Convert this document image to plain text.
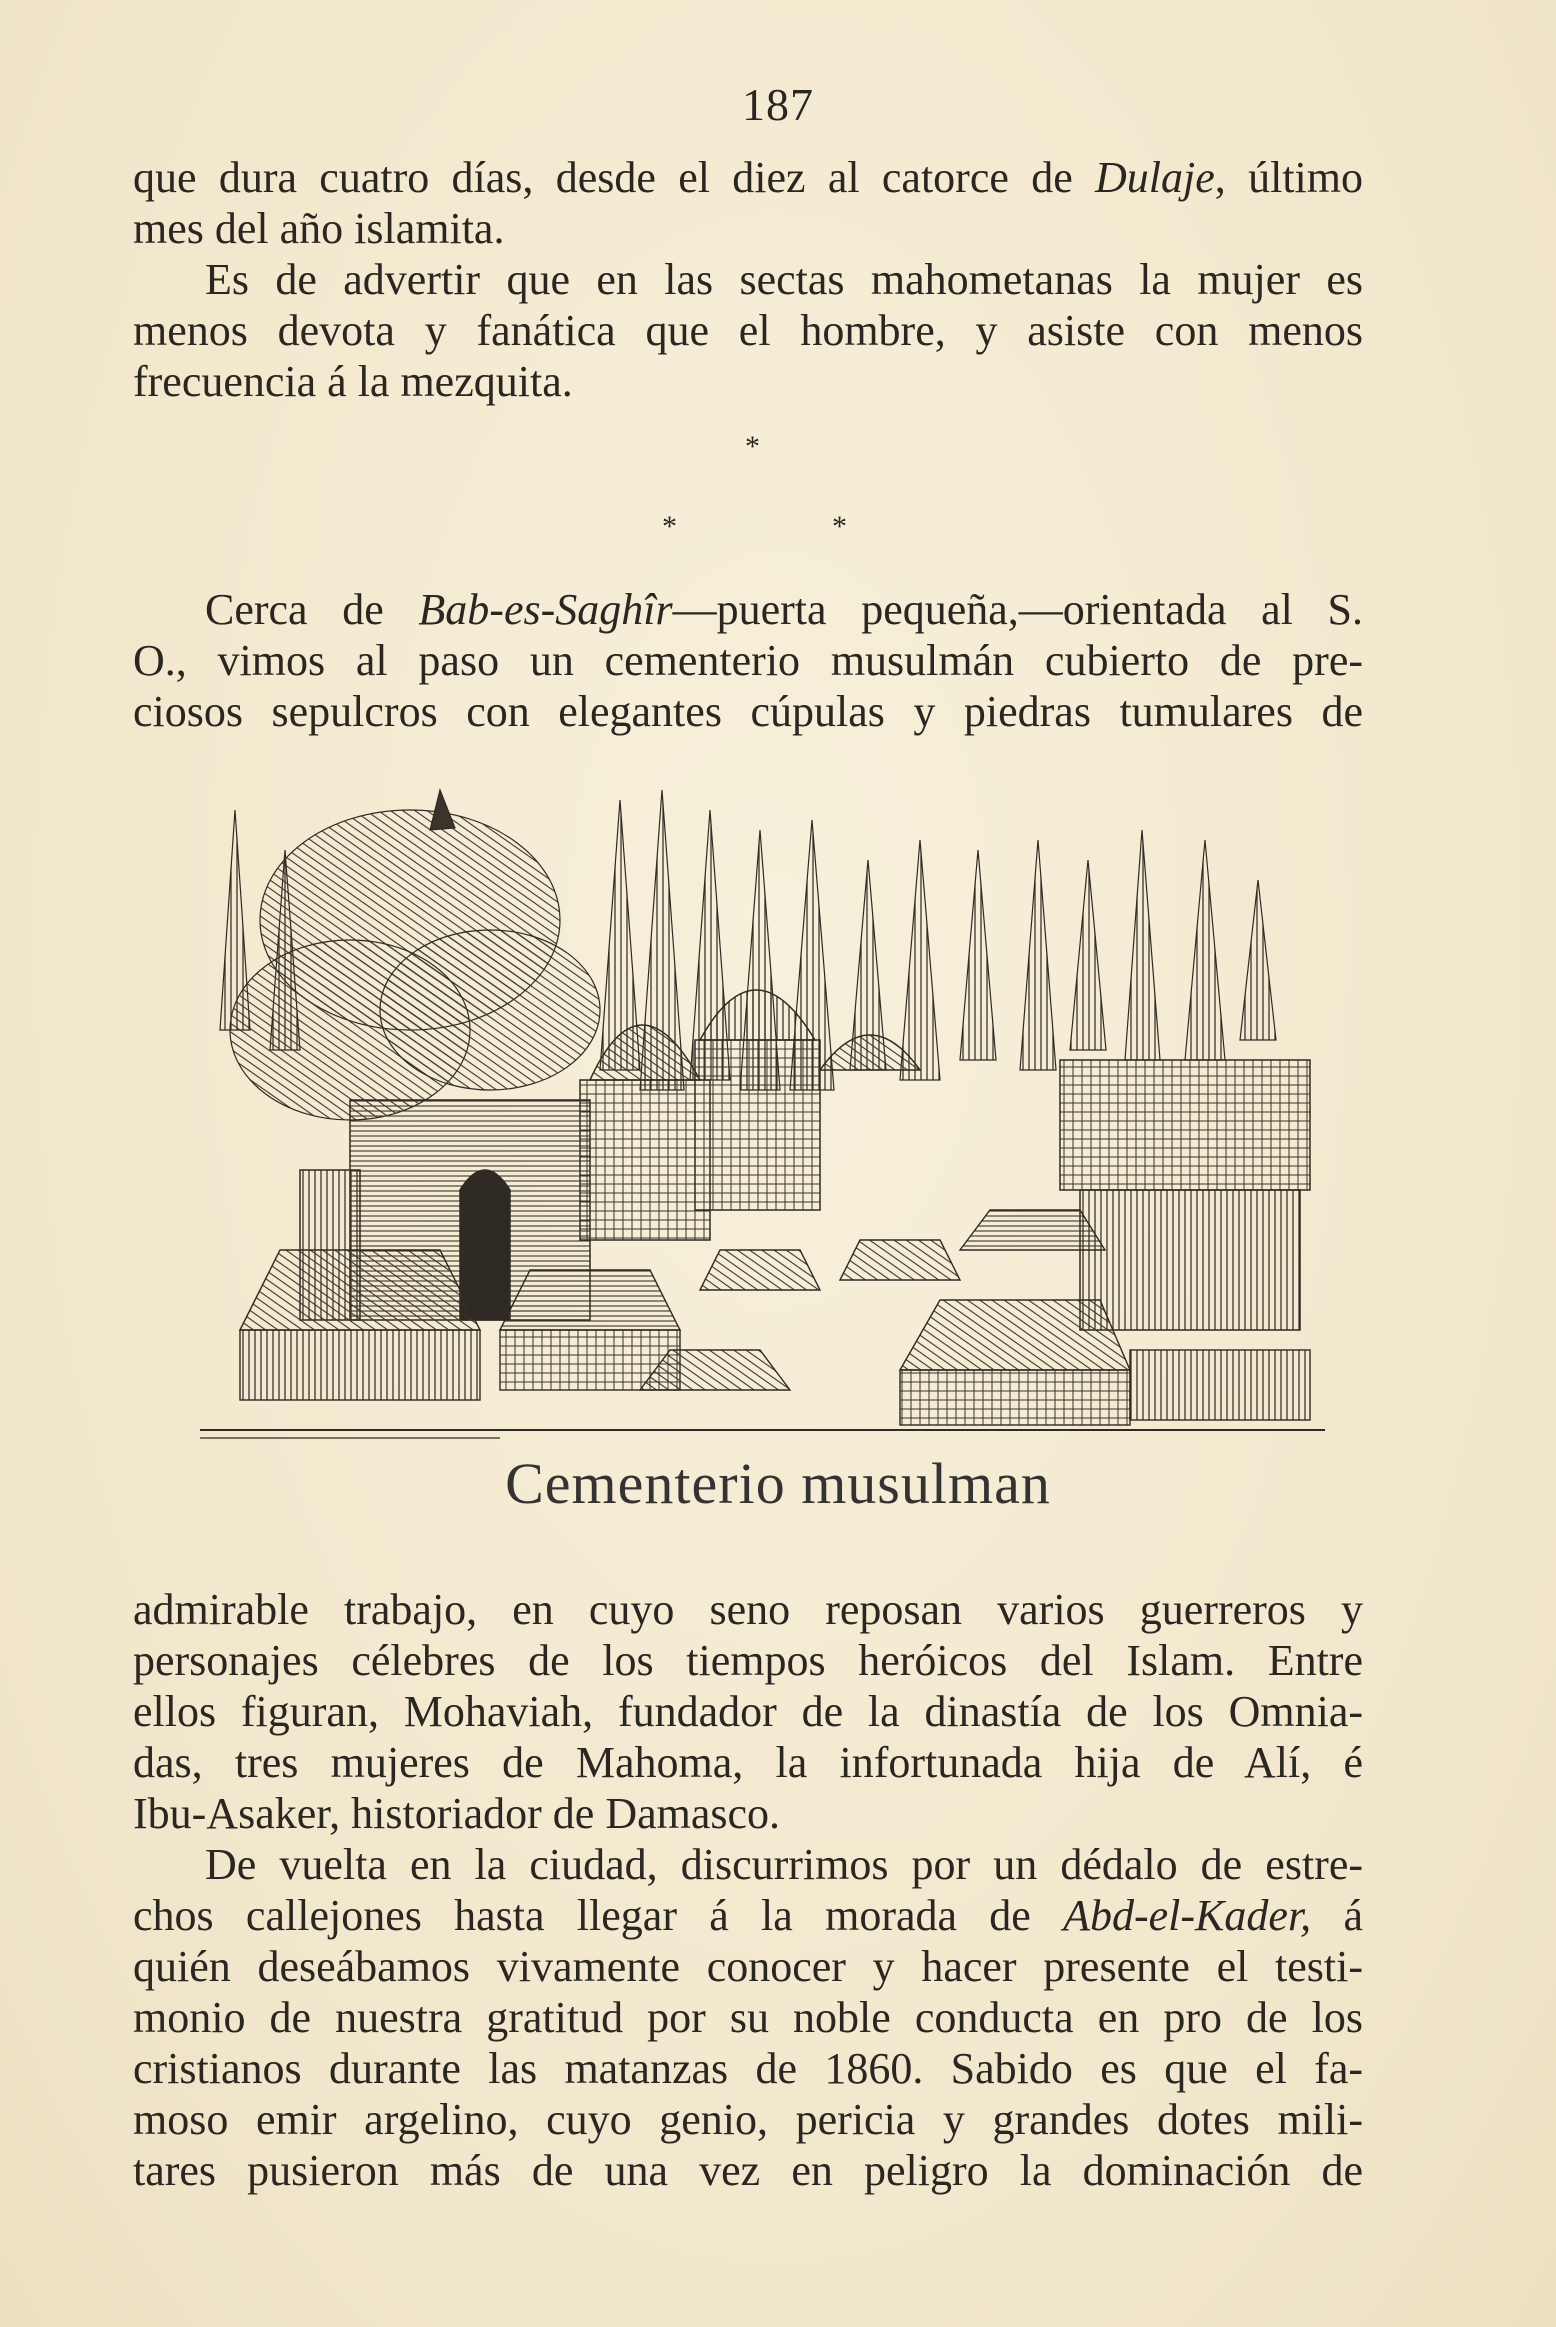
187

que dura cuatro días, desde el diez al catorce de Dulaje, último
mes del año islamita.

Es de advertir que en las sectas mahometanas la mujer es

menos devota y fanática que el hombre, y asiste con menos
frecuencia á la mezquita.

*
*	*

Cerca de Bab-es-Saghîr—puerta pequeña,—orientada al S.

O., vimos al paso un cementerio musulmán cubierto de pre-
ciosos sepulcros con elegantes cúpulas y piedras tumulares de

Cementerio musulman

admirable trabajo, en cuyo seno reposan varios guerreros y
personajes célebres de los tiempos heróicos del Islam. Entre
ellos figuran, Mohaviah, fundador de la dinastía de los Omnia-
das, tres mujeres de Mahoma, la infortunada hija de Alí, é
Ibu-Asaker, historiador de Damasco.

De vuelta en la ciudad, discurrimos por un dédalo de estre-

chos callejones hasta llegar á la morada de Abd-el-Kader, á
quién deseábamos vivamente conocer y hacer presente el testi-
monio de nuestra gratitud por su noble conducta en pro de los
cristianos durante las matanzas de 1860. Sabido es que el fa-
moso emir argelino, cuyo genio, pericia y grandes dotes mili-
tares pusieron más de una vez en peligro la dominación de
